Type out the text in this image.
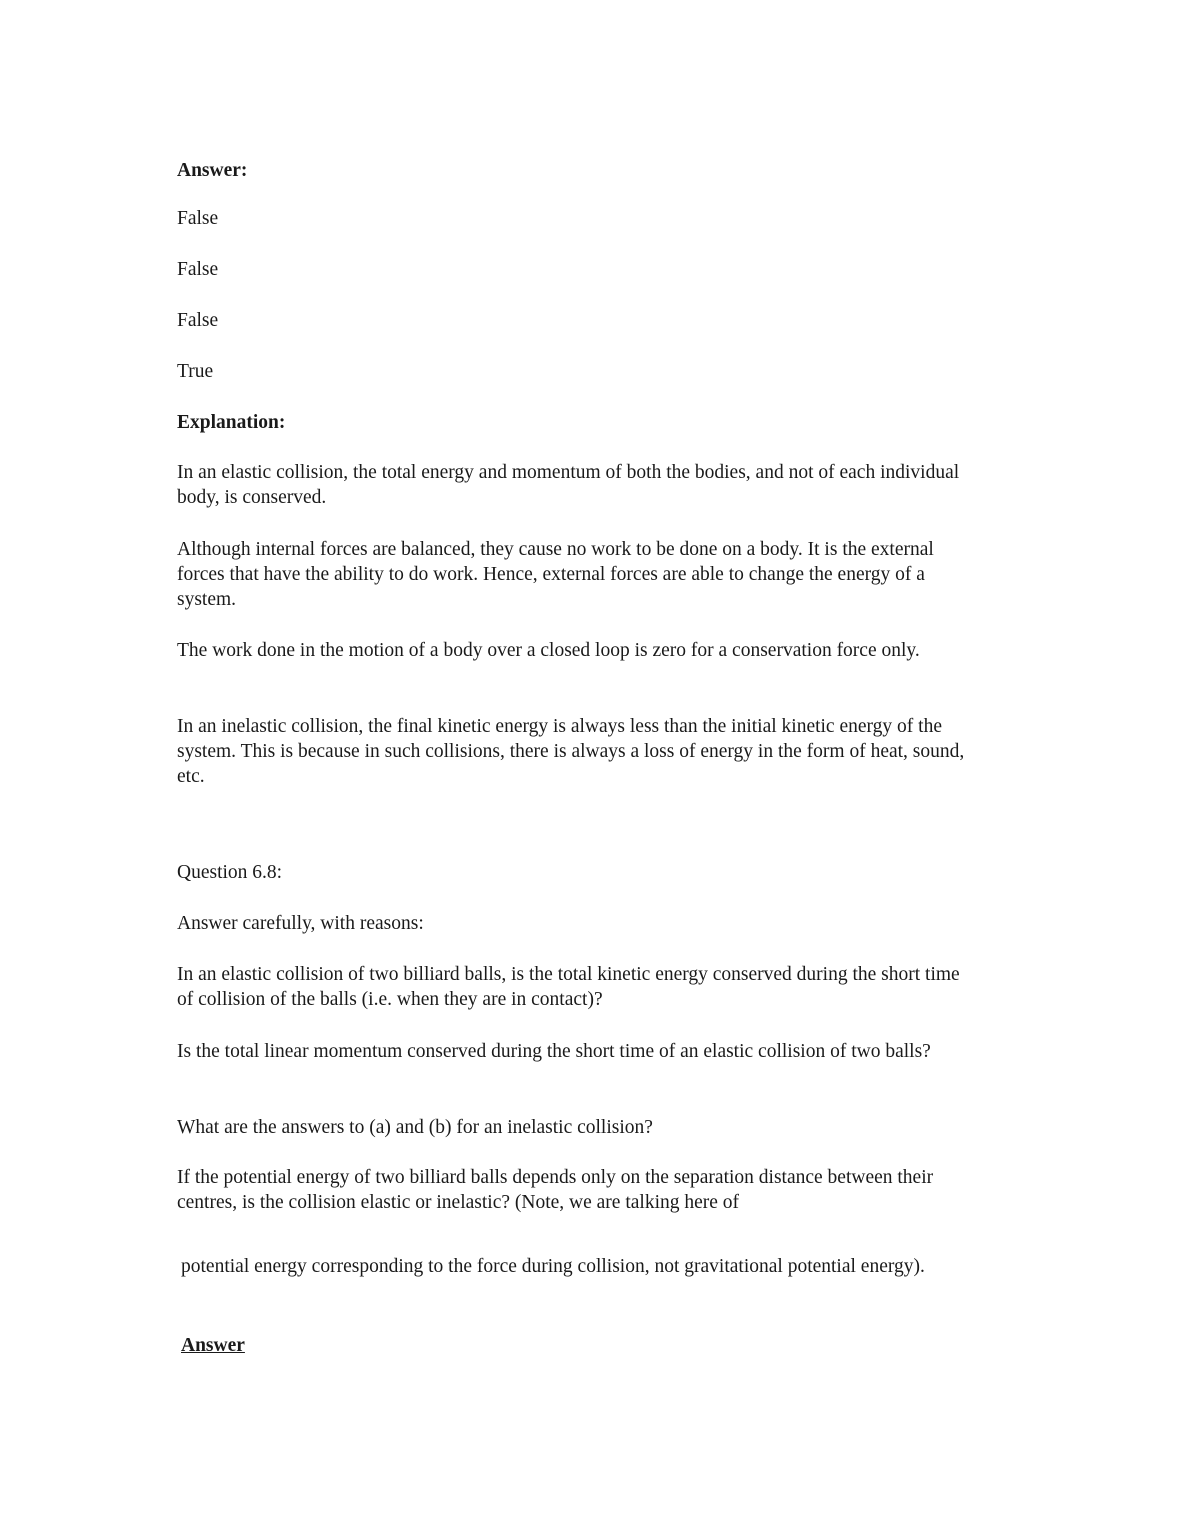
Answer:

False

False

False

True

Explanation:

In an elastic collision, the total energy and momentum of both the bodies, and not of each individual body, is conserved.

Although internal forces are balanced, they cause no work to be done on a body. It is the external forces that have the ability to do work. Hence, external forces are able to change the energy of a system.

The work done in the motion of a body over a closed loop is zero for a conservation force only.

In an inelastic collision, the final kinetic energy is always less than the initial kinetic energy of the system. This is because in such collisions, there is always a loss of energy in the form of heat, sound, etc.

Question 6.8:

Answer carefully, with reasons:

In an elastic collision of two billiard balls, is the total kinetic energy conserved during the short time of collision of the balls (i.e. when they are in contact)?

Is the total linear momentum conserved during the short time of an elastic collision of two balls?

What are the answers to (a) and (b) for an inelastic collision?

If the potential energy of two billiard balls depends only on the separation distance between their centres, is the collision elastic or inelastic? (Note, we are talking here of

potential energy corresponding to the force during collision, not gravitational potential energy).

Answer
